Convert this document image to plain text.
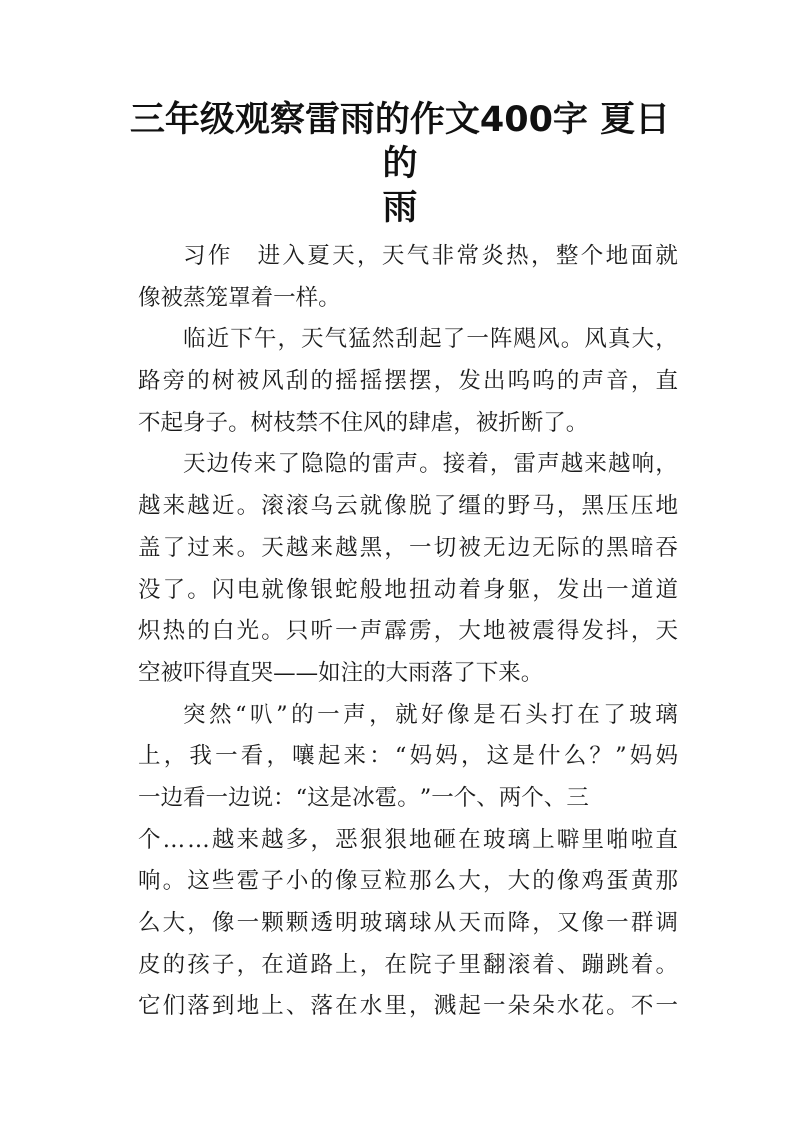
三年级观察雷雨的作文400字 夏日的
雨
习 作
　 进 入 夏 天 ， 天 气 非 常 炎 热 ， 整 个 地 面 就
像 被 蒸 笼 罩 着 一 样 。
临 近 下 午 ， 天 气 猛 然 刮 起 了 一 阵 飓 风 。 风 真 大 ，
路 旁 的 树 被 风 刮 的 摇 摇 摆 摆 ， 发 出 呜 呜 的 声 音 ， 直
不 起 身 子 。 树 枝 禁 不 住 风 的 肆 虐 ， 被 折 断 了 。
天 边 传 来 了 隐 隐 的 雷 声 。 接 着 ， 雷 声 越 来 越 响 ，
越 来 越 近 。 滚 滚 乌 云 就 像 脱 了 缰 的 野 马 ， 黑 压 压 地
盖 了 过 来 。 天 越 来 越 黑 ， 一 切 被 无 边 无 际 的 黑 暗 吞
没 了 。 闪 电 就 像 银 蛇 般 地 扭 动 着 身 躯 ， 发 出 一 道 道
炽 热 的 白 光 。 只 听 一 声 霹 雳 ， 大 地 被 震 得 发 抖 ， 天
空 被 吓 得 直 哭 — — 如 注 的 大 雨 落 了 下 来 。
突 然 “ 叭 ” 的 一 声 ， 就 好 像 是 石 头 打 在 了 玻 璃
上 ， 我 一 看 ， 嚷 起 来 ： “ 妈 妈 ， 这 是 什 么 ？ ” 妈 妈
一 边 看 一 边 说 ： “ 这 是 冰 雹 。 ” 一 个 、 两 个 、 三
个 … … 越 来 越 多 ， 恶 狠 狠 地 砸 在 玻 璃 上 噼 里 啪 啦 直
响 。 这 些 雹 子 小 的 像 豆 粒 那 么 大 ， 大 的 像 鸡 蛋 黄 那
么 大 ， 像 一 颗 颗 透 明 玻 璃 球 从 天 而 降 ， 又 像 一 群 调
皮 的 孩 子 ， 在 道 路 上 ， 在 院 子 里 翻 滚 着 、 蹦 跳 着 。
它 们 落 到 地 上 、 落 在 水 里 ， 溅 起 一 朵 朵 水 花 。 不 一
